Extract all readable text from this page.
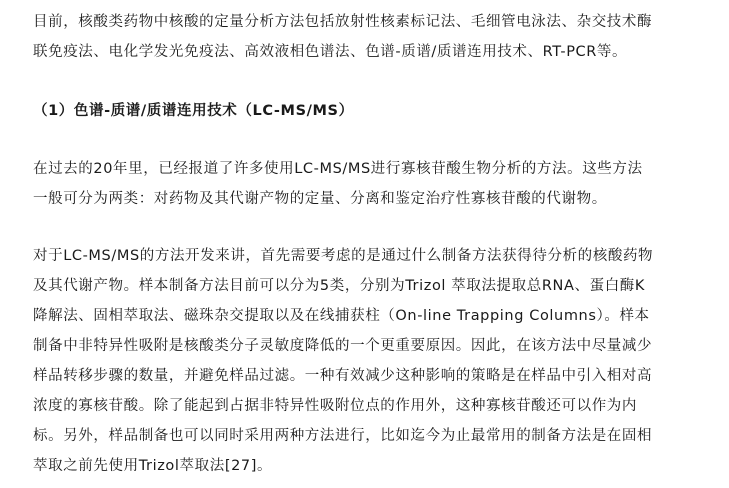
目前，核酸类药物中核酸的定量分析方法包括放射性核素标记法、毛细管电泳法、杂交技术酶
联免疫法、电化学发光免疫法、高效液相色谱法、色谱-质谱/质谱连用技术、RT-PCR等。

（1）色谱-质谱/质谱连用技术（LC-MS/MS）

在过去的20年里，已经报道了许多使用LC-MS/MS进行寡核苷酸生物分析的方法。这些方法
一般可分为两类：对药物及其代谢产物的定量、分离和鉴定治疗性寡核苷酸的代谢物。

对于LC-MS/MS的方法开发来讲，首先需要考虑的是通过什么制备方法获得待分析的核酸药物
及其代谢产物。样本制备方法目前可以分为5类，分别为Trizol 萃取法提取总RNA、蛋白酶K
降解法、固相萃取法、磁珠杂交提取以及在线捕获柱（On-line Trapping Columns）。样本
制备中非特异性吸附是核酸类分子灵敏度降低的一个更重要原因。因此，在该方法中尽量减少
样品转移步骤的数量，并避免样品过滤。一种有效减少这种影响的策略是在样品中引入相对高
浓度的寡核苷酸。除了能起到占据非特异性吸附位点的作用外，这种寡核苷酸还可以作为内
标。另外，样品制备也可以同时采用两种方法进行，比如迄今为止最常用的制备方法是在固相
萃取之前先使用Trizol萃取法[27]。
